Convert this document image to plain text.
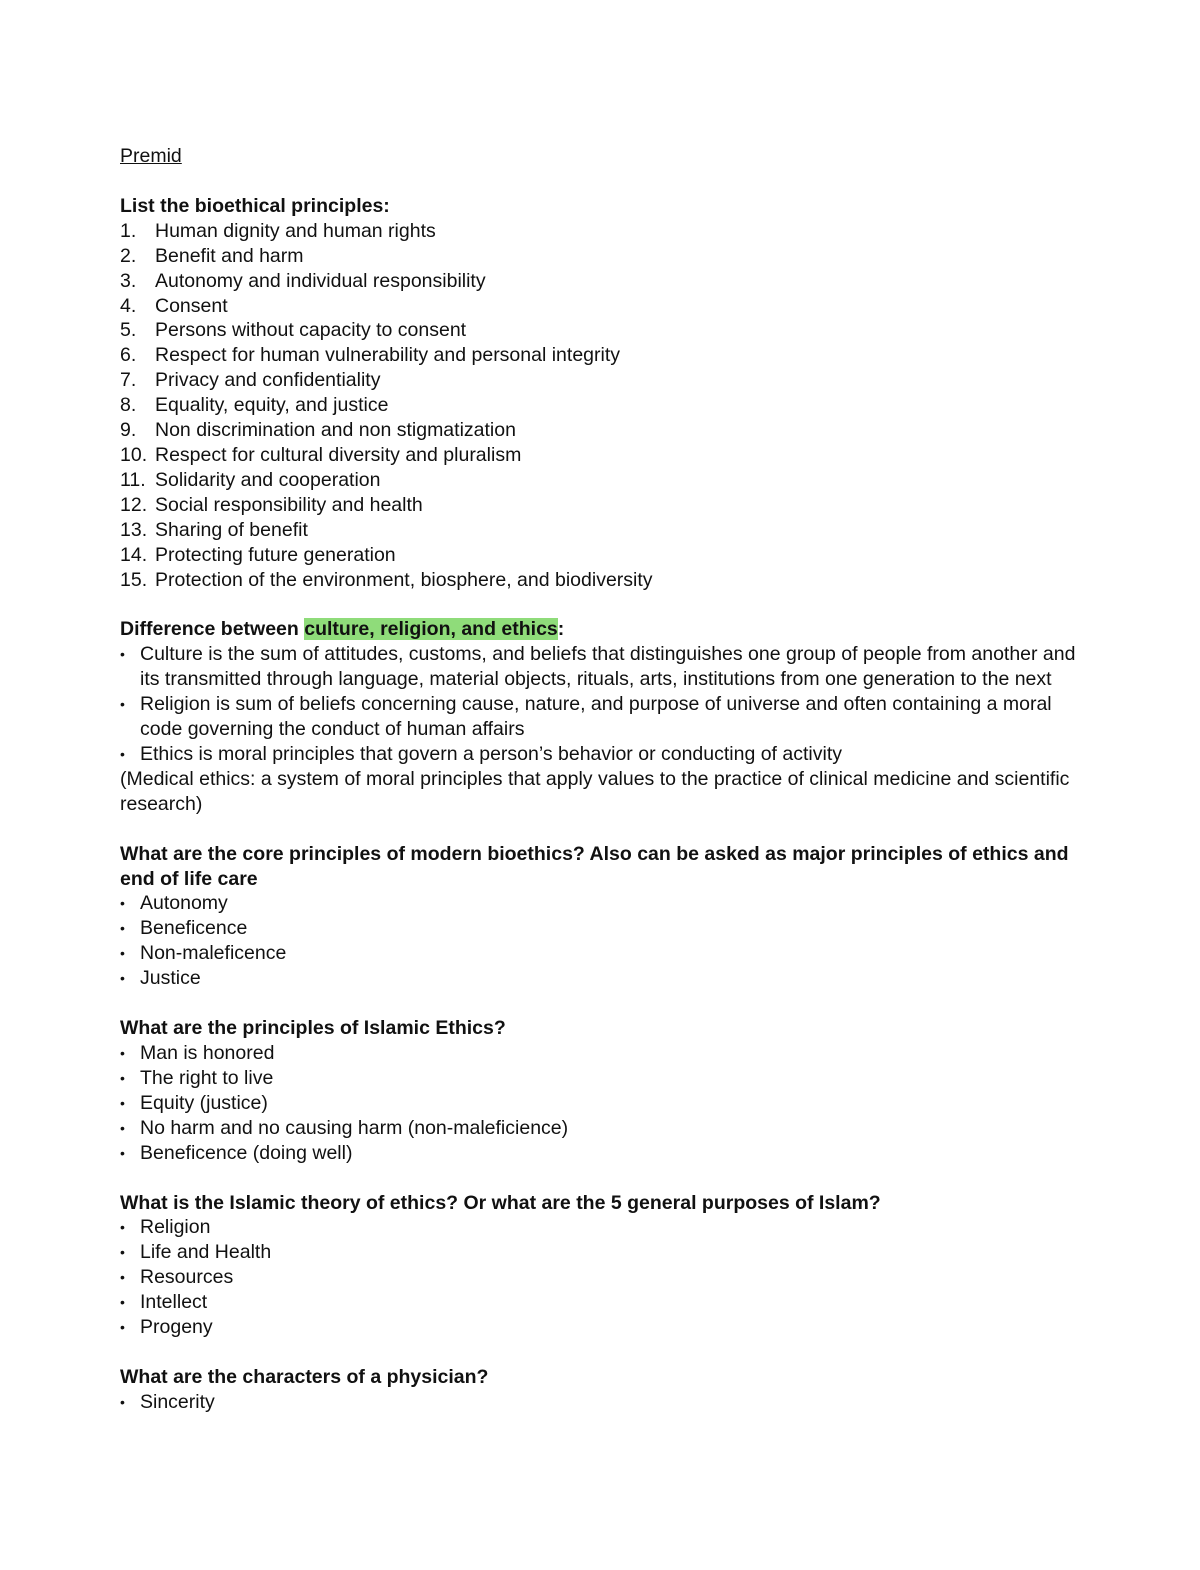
Premid

List the bioethical principles:

1. Human dignity and human rights

2. Benefit and harm

3. Autonomy and individual responsibility

4. Consent

5. Persons without capacity to consent

6. Respect for human vulnerability and personal integrity

7. Privacy and confidentiality

8. Equality, equity, and justice

9. Non discrimination and non stigmatization

10. Respect for cultural diversity and pluralism

11. Solidarity and cooperation

12. Social responsibility and health

13. Sharing of benefit

14. Protecting future generation

15. Protection of the environment, biosphere, and biodiversity

Difference between culture, religion, and ethics:

• Culture is the sum of attitudes, customs, and beliefs that distinguishes one group of people from another and its transmitted through language, material objects, rituals, arts, institutions from one generation to the next
• Religion is sum of beliefs concerning cause, nature, and purpose of universe and often containing a moral code governing the conduct of human affairs
• Ethics is moral principles that govern a person’s behavior or conducting of activity

(Medical ethics: a system of moral principles that apply values to the practice of clinical medicine and scientific research)

What are the core principles of modern bioethics? Also can be asked as major principles of ethics and end of life care

• Autonomy
• Beneficence
• Non-maleficence
• Justice

What are the principles of Islamic Ethics?

• Man is honored
• The right to live
• Equity (justice)
• No harm and no causing harm (non-maleficience)
• Beneficence (doing well)

What is the Islamic theory of ethics? Or what are the 5 general purposes of Islam?

• Religion
• Life and Health
• Resources
• Intellect
• Progeny

What are the characters of a physician?

• Sincerity
